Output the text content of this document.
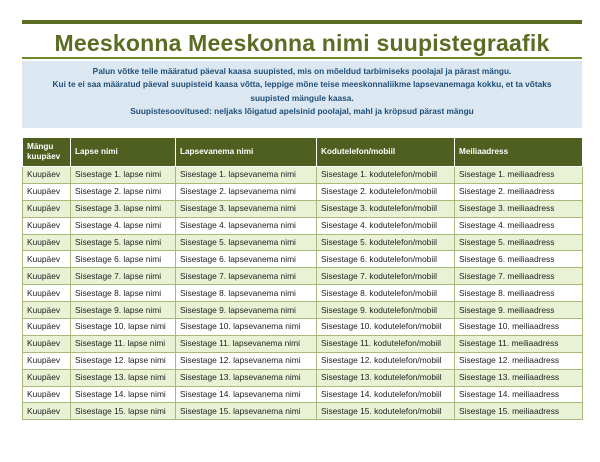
Meeskonna Meeskonna nimi suupistegraafik

Palun võtke teile määratud päeval kaasa suupisted, mis on mõeldud tarbimiseks poolajal ja pärast mängu.

Kui te ei saa määratud päeval suupisteid kaasa võtta, leppige mõne teise meeskonnaliikme lapsevanemaga kokku, et ta võtaks suupisted mängule kaasa.

Suupistesoovitused: neljaks lõigatud apelsinid poolajal, mahl ja kröpsud pärast mängu

Mängu kuupäev	Lapse nimi	Lapsevanema nimi	Kodutelefon/mobiil	Meiliaadress
Kuupäev	Sisestage 1. lapse nimi	Sisestage 1. lapsevanema nimi	Sisestage 1. kodutelefon/mobiil	Sisestage 1. meiliaadress
Kuupäev	Sisestage 2. lapse nimi	Sisestage 2. lapsevanema nimi	Sisestage 2. kodutelefon/mobiil	Sisestage 2. meiliaadress
Kuupäev	Sisestage 3. lapse nimi	Sisestage 3. lapsevanema nimi	Sisestage 3. kodutelefon/mobiil	Sisestage 3. meiliaadress
Kuupäev	Sisestage 4. lapse nimi	Sisestage 4. lapsevanema nimi	Sisestage 4. kodutelefon/mobiil	Sisestage 4. meiliaadress
Kuupäev	Sisestage 5. lapse nimi	Sisestage 5. lapsevanema nimi	Sisestage 5. kodutelefon/mobiil	Sisestage 5. meiliaadress
Kuupäev	Sisestage 6. lapse nimi	Sisestage 6. lapsevanema nimi	Sisestage 6. kodutelefon/mobiil	Sisestage 6. meiliaadress
Kuupäev	Sisestage 7. lapse nimi	Sisestage 7. lapsevanema nimi	Sisestage 7. kodutelefon/mobiil	Sisestage 7. meiliaadress
Kuupäev	Sisestage 8. lapse nimi	Sisestage 8. lapsevanema nimi	Sisestage 8. kodutelefon/mobiil	Sisestage 8. meiliaadress
Kuupäev	Sisestage 9. lapse nimi	Sisestage 9. lapsevanema nimi	Sisestage 9. kodutelefon/mobiil	Sisestage 9. meiliaadress
Kuupäev	Sisestage 10. lapse nimi	Sisestage 10. lapsevanema nimi	Sisestage 10. kodutelefon/mobiil	Sisestage 10. meiliaadress
Kuupäev	Sisestage 11. lapse nimi	Sisestage 11. lapsevanema nimi	Sisestage 11. kodutelefon/mobiil	Sisestage 11. meiliaadress
Kuupäev	Sisestage 12. lapse nimi	Sisestage 12. lapsevanema nimi	Sisestage 12. kodutelefon/mobiil	Sisestage 12. meiliaadress
Kuupäev	Sisestage 13. lapse nimi	Sisestage 13. lapsevanema nimi	Sisestage 13. kodutelefon/mobiil	Sisestage 13. meiliaadress
Kuupäev	Sisestage 14. lapse nimi	Sisestage 14. lapsevanema nimi	Sisestage 14. kodutelefon/mobiil	Sisestage 14. meiliaadress
Kuupäev	Sisestage 15. lapse nimi	Sisestage 15. lapsevanema nimi	Sisestage 15. kodutelefon/mobiil	Sisestage 15. meiliaadress
